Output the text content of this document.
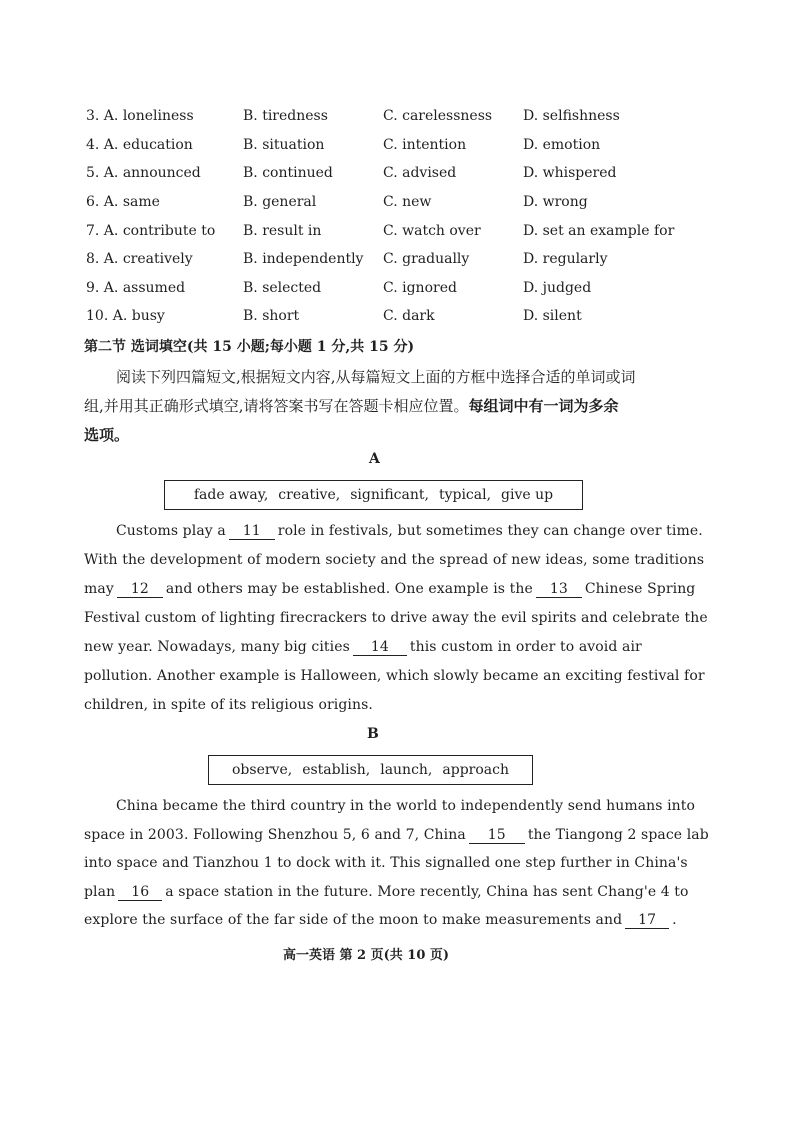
3. A. loneliness	B. tiredness	C. carelessness D. selfishness
4. A. education	B. situation	C. intention	D. emotion
5. A. announced	B. continued	C. advised	D. whispered
6. A. same	B. general	C. new	D. wrong
7. A. contribute to B. result in	C. watch over	D. set an example for
8. A. creatively	B. independently C. gradually	D. regularly
9. A. assumed	B. selected	C. ignored	D. judged
10. A. busy	B. short	C. dark	D. silent
第二节 选词填空(共 15 小题;每小题 1 分,共 15 分)
阅读下列四篇短文,根据短文内容,从每篇短文上面的方框中选择合适的单词或词
组,并用其正确形式填空,请将答案书写在答题卡相应位置。每组词中有一词为多余
选项。
A
fade away, creative, significant, typical, give up
Customs play a 11 role in festivals, but sometimes they can change over time.
With the development of modern society and the spread of new ideas, some traditions
may 12 and others may be established. One example is the 13 Chinese Spring
Festival custom of lighting firecrackers to drive away the evil spirits and celebrate the
new year. Nowadays, many big cities 14 this custom in order to avoid air
pollution. Another example is Halloween, which slowly became an exciting festival for
children, in spite of its religious origins.
B
observe, establish, launch, approach
China became the third country in the world to independently send humans into
space in 2003. Following Shenzhou 5, 6 and 7, China 15 the Tiangong 2 space lab
into space and Tianzhou 1 to dock with it. This signalled one step further in China's
plan 16 a space station in the future. More recently, China has sent Chang'e 4 to
explore the surface of the far side of the moon to make measurements and 17 .
高一英语 第 2 页(共 10 页)
